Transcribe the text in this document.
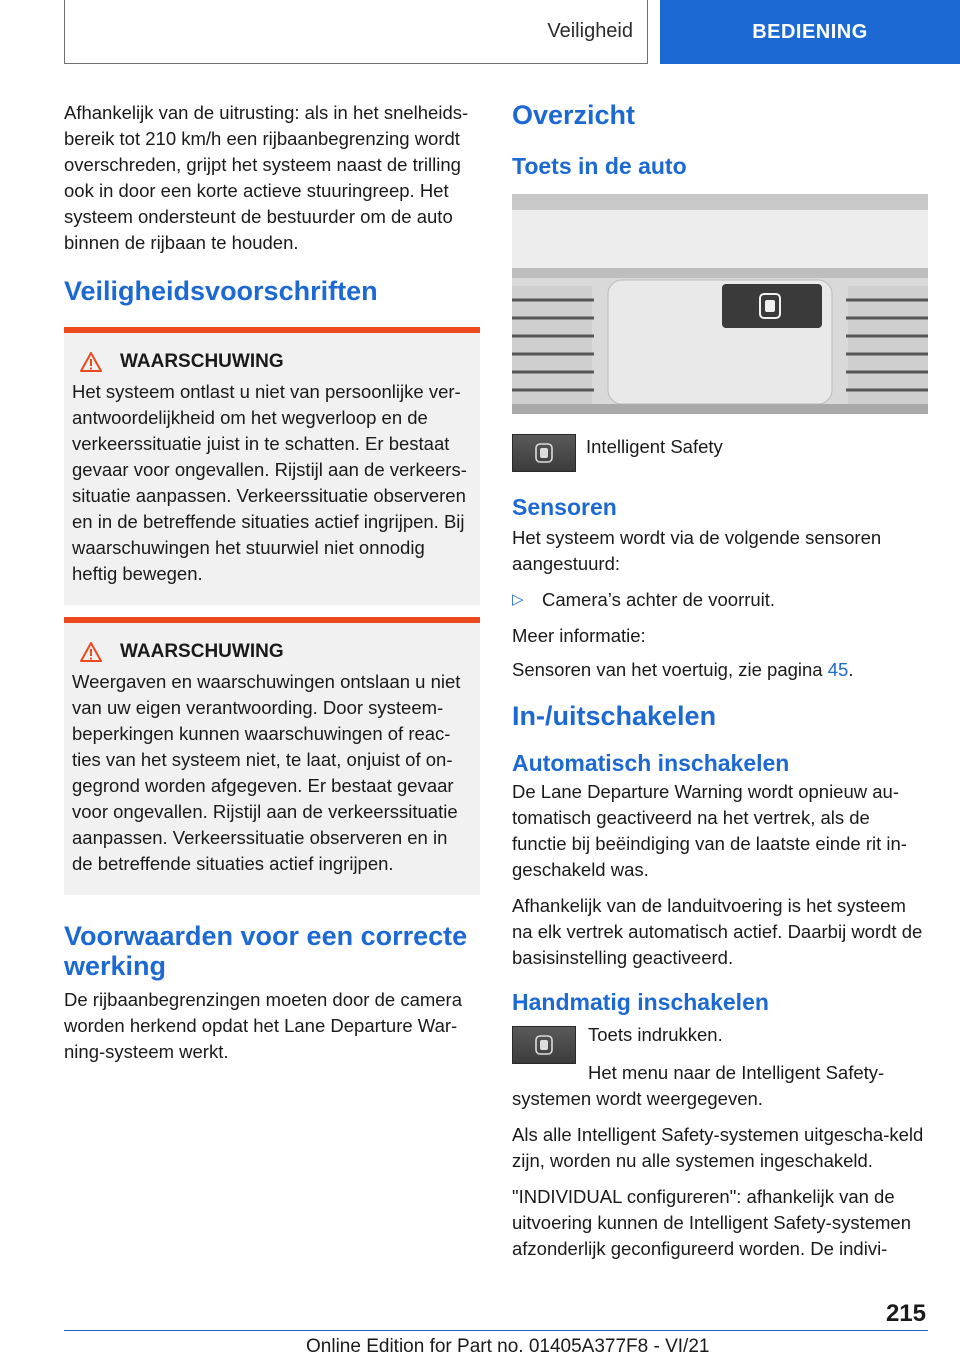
Veiligheid	BEDIENING

Afhankelijk van de uitrusting: als in het snelheids-bereik tot 210 km/h een rijbaanbegrenzing wordt overschreden, grijpt het systeem naast de trilling ook in door een korte actieve stuuringreep. Het systeem ondersteunt de bestuurder om de auto binnen de rijbaan te houden.

Veiligheidsvoorschriften
WAARSCHUWING

Het systeem ontlast u niet van persoonlijke ver-antwoordelijkheid om het wegverloop en de verkeerssituatie juist in te schatten. Er bestaat gevaar voor ongevallen. Rijstijl aan de verkeers-situatie aanpassen. Verkeerssituatie observeren en in de betreffende situaties actief ingrijpen. Bij waarschuwingen het stuurwiel niet onnodig heftig bewegen.

WAARSCHUWING

Weergaven en waarschuwingen ontslaan u niet van uw eigen verantwoording. Door systeem-beperkingen kunnen waarschuwingen of reac-ties van het systeem niet, te laat, onjuist of on-gegrond worden afgegeven. Er bestaat gevaar voor ongevallen. Rijstijl aan de verkeerssituatie aanpassen. Verkeerssituatie observeren en in de betreffende situaties actief ingrijpen.

Voorwaarden voor een correcte werking

De rijbaanbegrenzingen moeten door de camera worden herkend opdat het Lane Departure War-ning-systeem werkt.

Overzicht
Toets in de auto
Intelligent Safety
Sensoren

Het systeem wordt via de volgende sensoren aangestuurd:

▷ Camera’s achter de voorruit.

Meer informatie:

Sensoren van het voertuig, zie pagina 45.

In-/uitschakelen
Automatisch inschakelen

De Lane Departure Warning wordt opnieuw au-tomatisch geactiveerd na het vertrek, als de functie bij beëindiging van de laatste einde rit in-geschakeld was.

Afhankelijk van de landuitvoering is het systeem na elk vertrek automatisch actief. Daarbij wordt de basisinstelling geactiveerd.

Handmatig inschakelen

Toets indrukken.

Het menu naar de Intelligent Safety-systemen wordt weergegeven.

Als alle Intelligent Safety-systemen uitgescha-keld zijn, worden nu alle systemen ingeschakeld.

"INDIVIDUAL configureren": afhankelijk van de uitvoering kunnen de Intelligent Safety-systemen afzonderlijk geconfigureerd worden. De indivi-

215
Online Edition for Part no. 01405A377F8 - VI/21
